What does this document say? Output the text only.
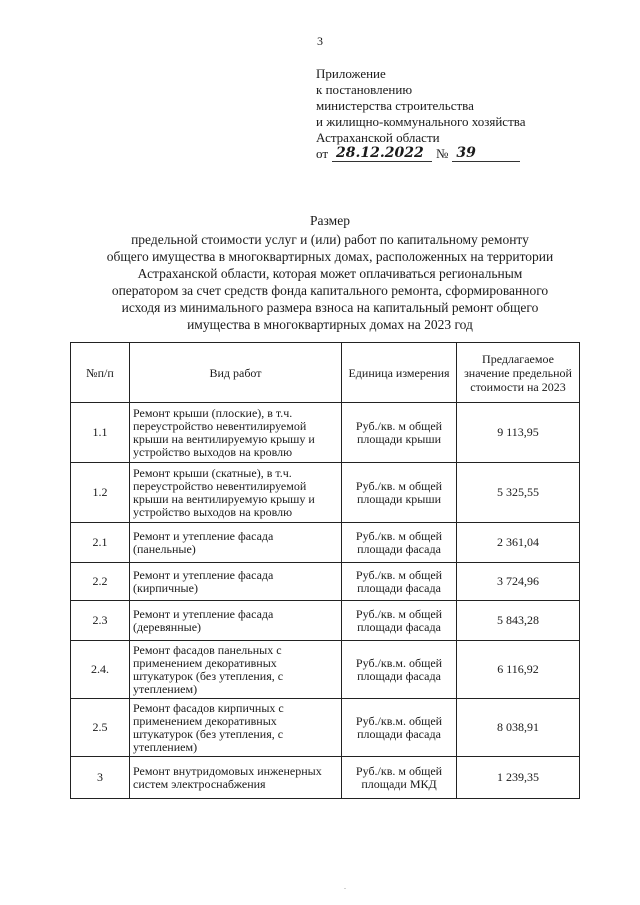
3
Приложение
к постановлению
министерства строительства
и жилищно-коммунального хозяйства
Астраханской области
от 28.12.2022 № 39
Размер
предельной стоимости услуг и (или) работ по капитальному ремонту
общего имущества в многоквартирных домах, расположенных на территории
Астраханской области, которая может оплачиваться региональным
оператором за счет средств фонда капитального ремонта, сформированного
исходя из минимального размера взноса на капитальный ремонт общего
имущества в многоквартирных домах на 2023 год
№п/п	Вид работ	Единица измерения	Предлагаемое значение предельной стоимости на 2023
1.1	Ремонт крыши (плоские), в т.ч. переустройство невентилируемой крыши на вентилируемую крышу и устройство выходов на кровлю	Руб./кв. м общей площади крыши	9 113,95
1.2	Ремонт крыши (скатные), в т.ч. переустройство невентилируемой крыши на вентилируемую крышу и устройство выходов на кровлю	Руб./кв. м общей площади крыши	5 325,55
2.1	Ремонт и утепление фасада (панельные)	Руб./кв. м общей площади фасада	2 361,04
2.2	Ремонт и утепление фасада (кирпичные)	Руб./кв. м общей площади фасада	3 724,96
2.3	Ремонт и утепление фасада (деревянные)	Руб./кв. м общей площади фасада	5 843,28
2.4.	Ремонт фасадов панельных с применением декоративных штукатурок (без утепления, с утеплением)	Руб./кв.м. общей площади фасада	6 116,92
2.5	Ремонт фасадов кирпичных с применением декоративных штукатурок (без утепления, с утеплением)	Руб./кв.м. общей площади фасада	8 038,91
3	Ремонт внутридомовых инженерных систем электроснабжения	Руб./кв. м общей площади МКД	1 239,35
.
